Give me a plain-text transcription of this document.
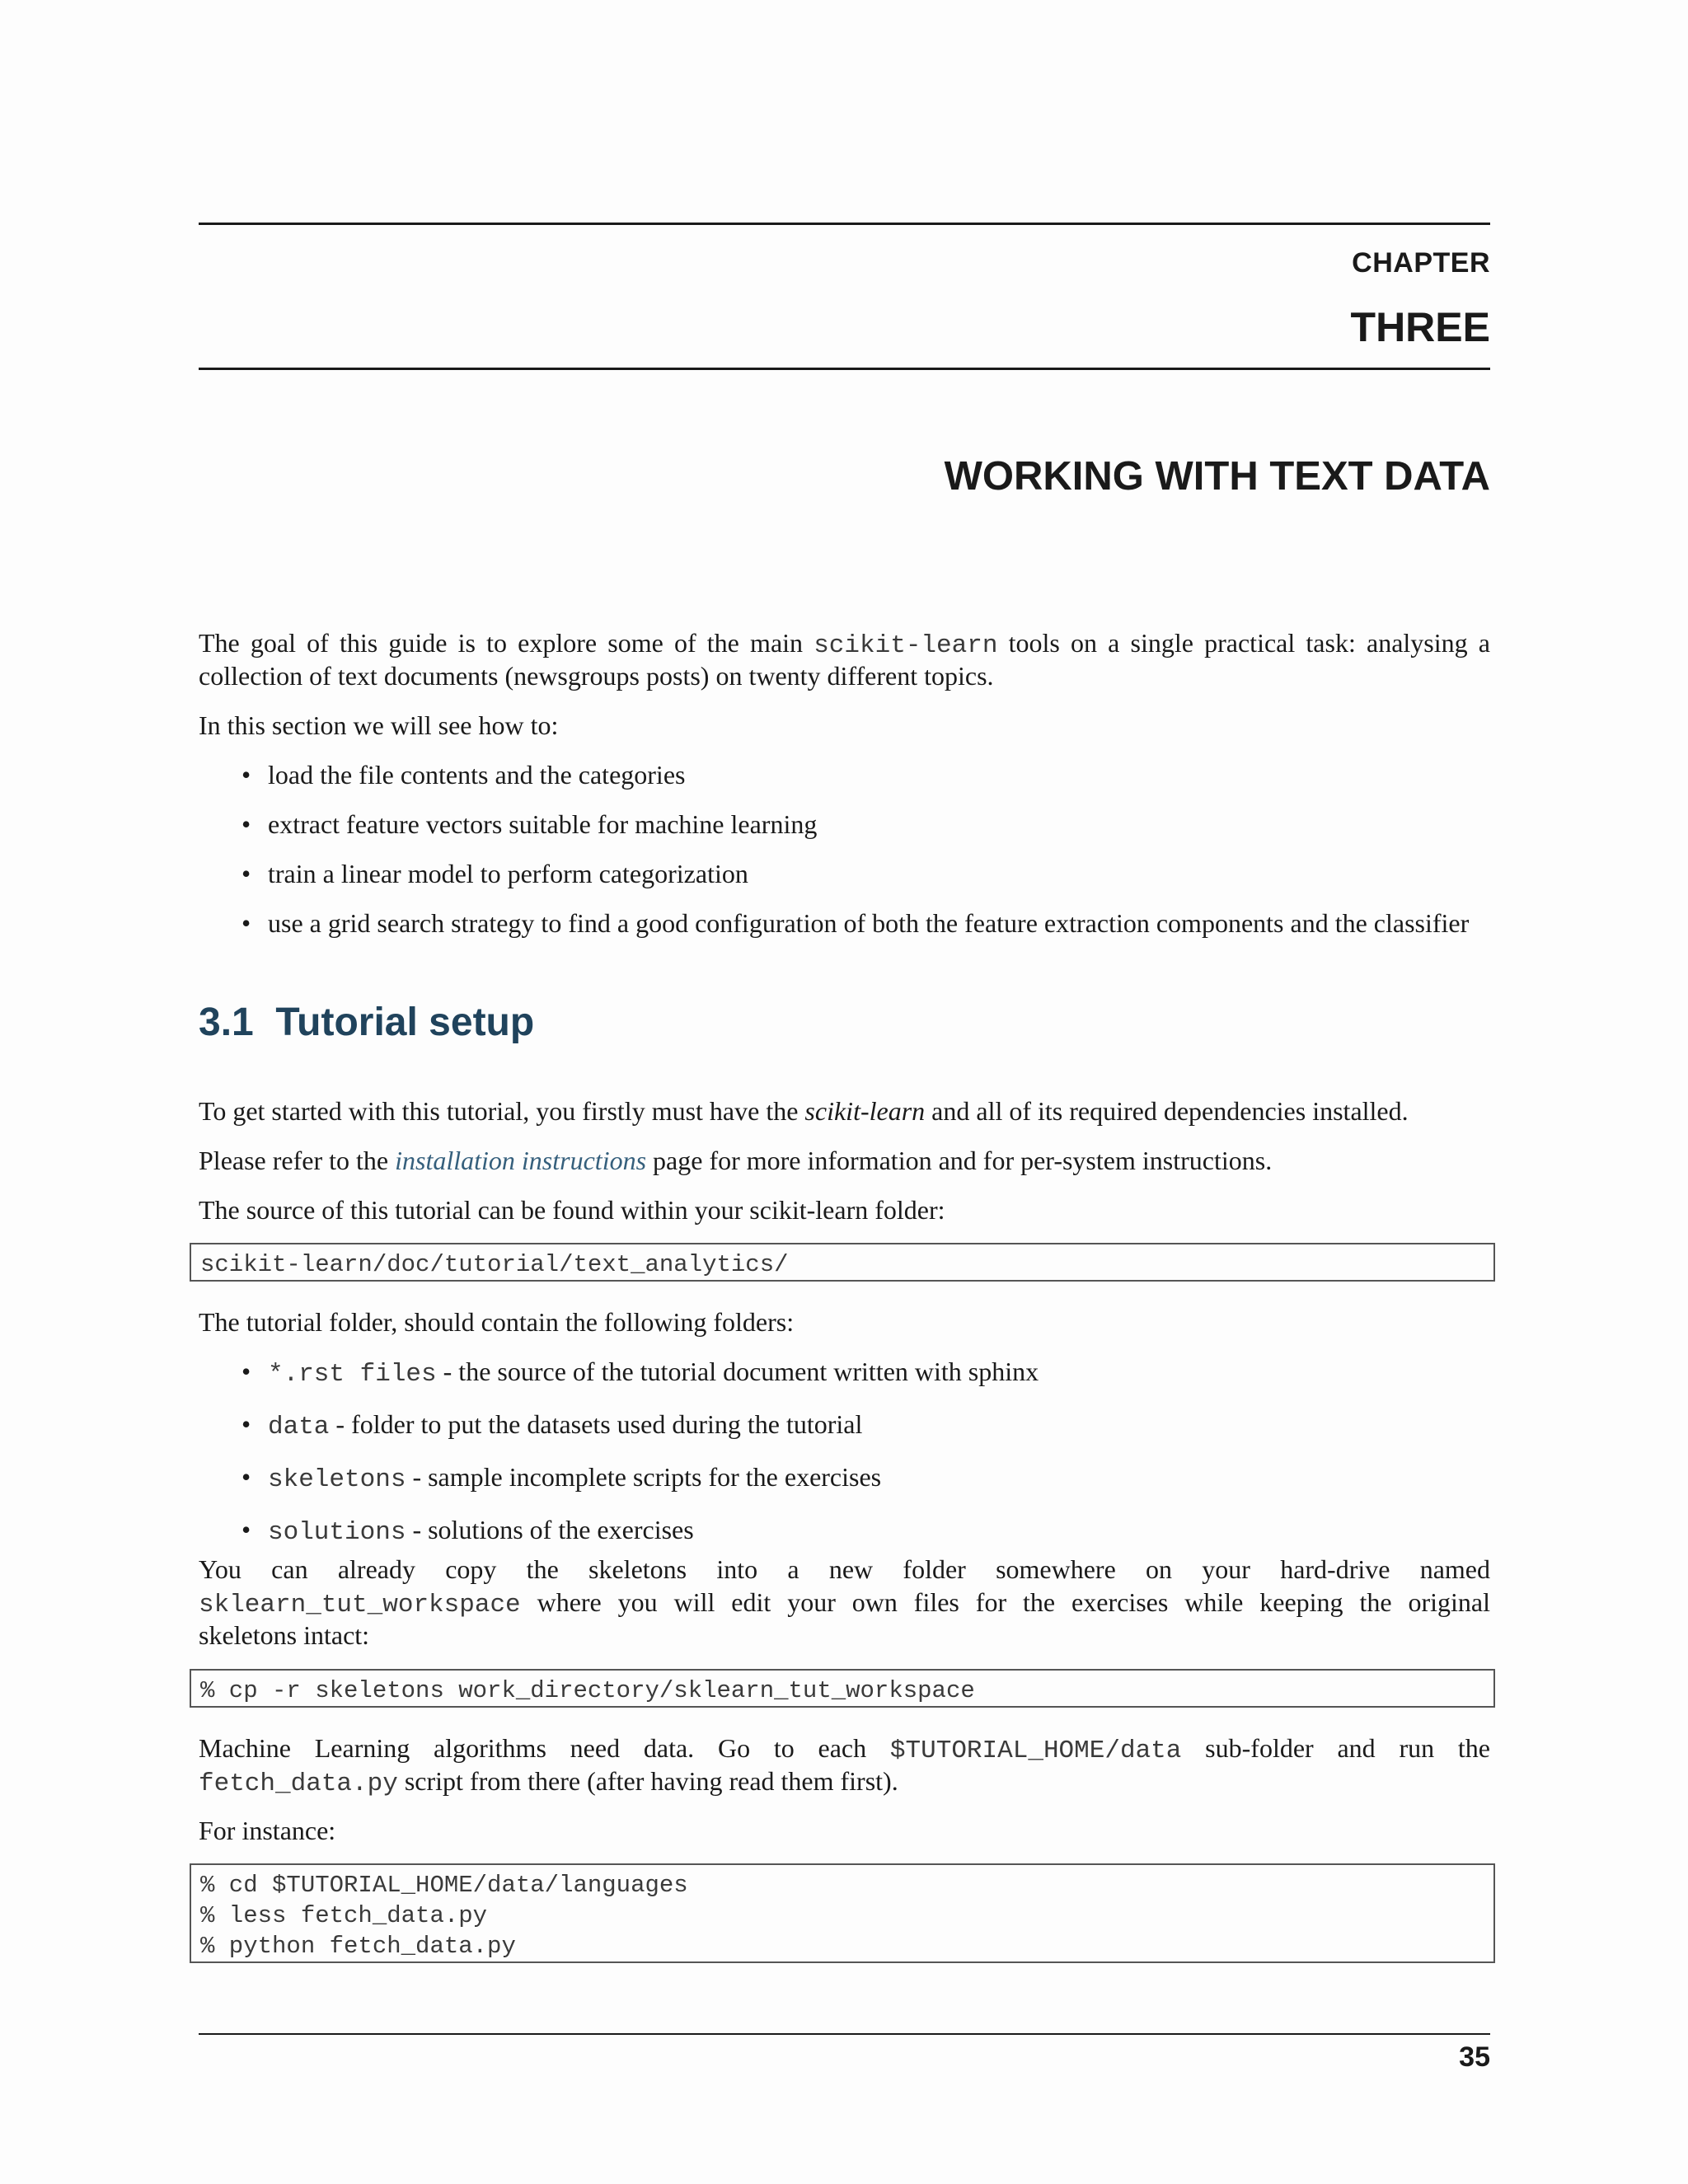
CHAPTER
THREE
WORKING WITH TEXT DATA

The goal of this guide is to explore some of the main scikit-learn tools on a single practical task: analysing a

collection of text documents (newsgroups posts) on twenty different topics.

In this section we will see how to:

• load the file contents and the categories
• extract feature vectors suitable for machine learning
• train a linear model to perform categorization
• use a grid search strategy to find a good configuration of both the feature extraction components and the classifier
3.1 Tutorial setup

To get started with this tutorial, you firstly must have the scikit-learn and all of its required dependencies installed.

Please refer to the installation instructions page for more information and for per-system instructions.

The source of this tutorial can be found within your scikit-learn folder:

scikit-learn/doc/tutorial/text_analytics/

The tutorial folder, should contain the following folders:

• *.rst files - the source of the tutorial document written with sphinx
• data - folder to put the datasets used during the tutorial
• skeletons - sample incomplete scripts for the exercises
• solutions - solutions of the exercises

You can already copy the skeletons into a new folder somewhere on your hard-drive named

sklearn_tut_workspace where you will edit your own files for the exercises while keeping the original

skeletons intact:

% cp -r skeletons work_directory/sklearn_tut_workspace

Machine Learning algorithms need data. Go to each $TUTORIAL_HOME/data sub-folder and run the

fetch_data.py script from there (after having read them first).

For instance:

% cd $TUTORIAL_HOME/data/languages
% less fetch_data.py
% python fetch_data.py
35
